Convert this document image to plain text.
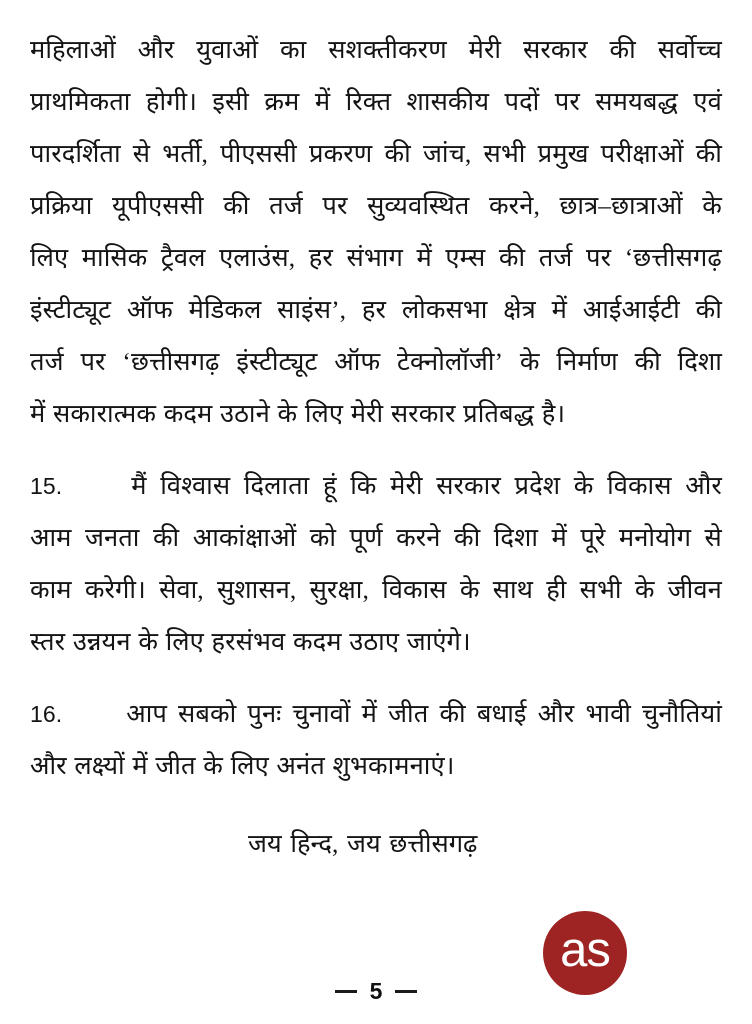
महिलाओं और युवाओं का सशक्तीकरण मेरी सरकार की सर्वोच्च
प्राथमिकता होगी। इसी क्रम में रिक्त शासकीय पदों पर समयबद्ध एवं
पारदर्शिता से भर्ती, पीएससी प्रकरण की जांच, सभी प्रमुख परीक्षाओं की
प्रक्रिया यूपीएससी की तर्ज पर सुव्यवस्थित करने, छात्र–छात्राओं के
लिए मासिक ट्रैवल एलाउंस, हर संभाग में एम्स की तर्ज पर ‘छत्तीसगढ़
इंस्टीट्यूट ऑफ मेडिकल साइंस’, हर लोकसभा क्षेत्र में आईआईटी की
तर्ज पर ‘छत्तीसगढ़ इंस्टीट्यूट ऑफ टेक्नोलॉजी’ के निर्माण की दिशा
में सकारात्मक कदम उठाने के लिए मेरी सरकार प्रतिबद्ध है।
15.	मैं विश्वास दिलाता हूं कि मेरी सरकार प्रदेश के विकास और
आम जनता की आकांक्षाओं को पूर्ण करने की दिशा में पूरे मनोयोग से
काम करेगी। सेवा, सुशासन, सुरक्षा, विकास के साथ ही सभी के जीवन
स्तर उन्नयन के लिए हरसंभव कदम उठाए जाएंगे।
16.	आप सबको पुनः चुनावों में जीत की बधाई और भावी चुनौतियां
और लक्ष्यों में जीत के लिए अनंत शुभकामनाएं।
जय हिन्द, जय छत्तीसगढ़
as
5
